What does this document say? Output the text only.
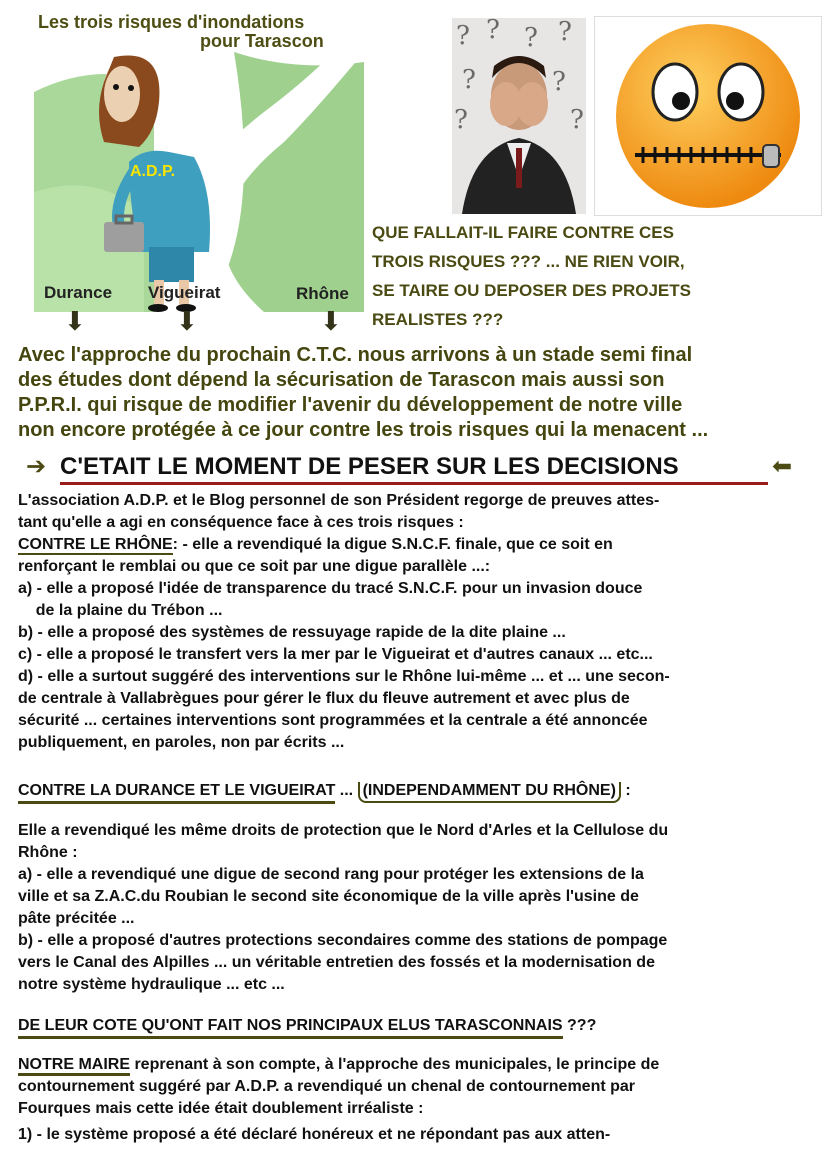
Les trois risques d'inondations
pour Tarascon
A.D.P.
Durance Vigueirat	Rhône
⬇	⬇	⬇
? ? ? ?
?	?
?
?
QUE FALLAIT-IL FAIRE CONTRE CES
TROIS RISQUES ??? ... NE RIEN VOIR,
SE TAIRE OU DEPOSER DES PROJETS
REALISTES ???
Avec l'approche du prochain C.T.C. nous arrivons à un stade semi final
des études dont dépend la sécurisation de Tarascon mais aussi son
P.P.R.I. qui risque de modifier l'avenir du développement de notre ville
non encore protégée à ce jour contre les trois risques qui la menacent ...
➔ C'ETAIT LE MOMENT DE PESER SUR LES DECISIONS	⬅
L'association A.D.P. et le Blog personnel de son Président regorge de preuves attes-
tant qu'elle a agi en conséquence face à ces trois risques :
CONTRE LE RHÔNE: - elle a revendiqué la digue S.N.C.F. finale, que ce soit en
renforçant le remblai ou que ce soit par une digue parallèle ...:
a) - elle a proposé l'idée de transparence du tracé S.N.C.F. pour un invasion douce
de la plaine du Trébon ...
b) - elle a proposé des systèmes de ressuyage rapide de la dite plaine ...
c) - elle a proposé le transfert vers la mer par le Vigueirat et d'autres canaux ... etc...
d) - elle a surtout suggéré des interventions sur le Rhône lui-même ... et ... une secon-
de centrale à Vallabrègues pour gérer le flux du fleuve autrement et avec plus de
sécurité ... certaines interventions sont programmées et la centrale a été annoncée
publiquement, en paroles, non par écrits ...
CONTRE LA DURANCE ET LE VIGUEIRAT ... (INDEPENDAMMENT DU RHÔNE) :
Elle a revendiqué les même droits de protection que le Nord d'Arles et la Cellulose du
Rhône :
a) - elle a revendiqué une digue de second rang pour protéger les extensions de la
ville et sa Z.A.C.du Roubian le second site économique de la ville après l'usine de
pâte précitée ...
b) - elle a proposé d'autres protections secondaires comme des stations de pompage
vers le Canal des Alpilles ... un véritable entretien des fossés et la modernisation de
notre système hydraulique ... etc ...
DE LEUR COTE QU'ONT FAIT NOS PRINCIPAUX ELUS TARASCONNAIS ???
NOTRE MAIRE reprenant à son compte, à l'approche des municipales, le principe de
contournement suggéré par A.D.P. a revendiqué un chenal de contournement par
Fourques mais cette idée était doublement irréaliste :
1) - le système proposé a été déclaré honéreux et ne répondant pas aux atten-
